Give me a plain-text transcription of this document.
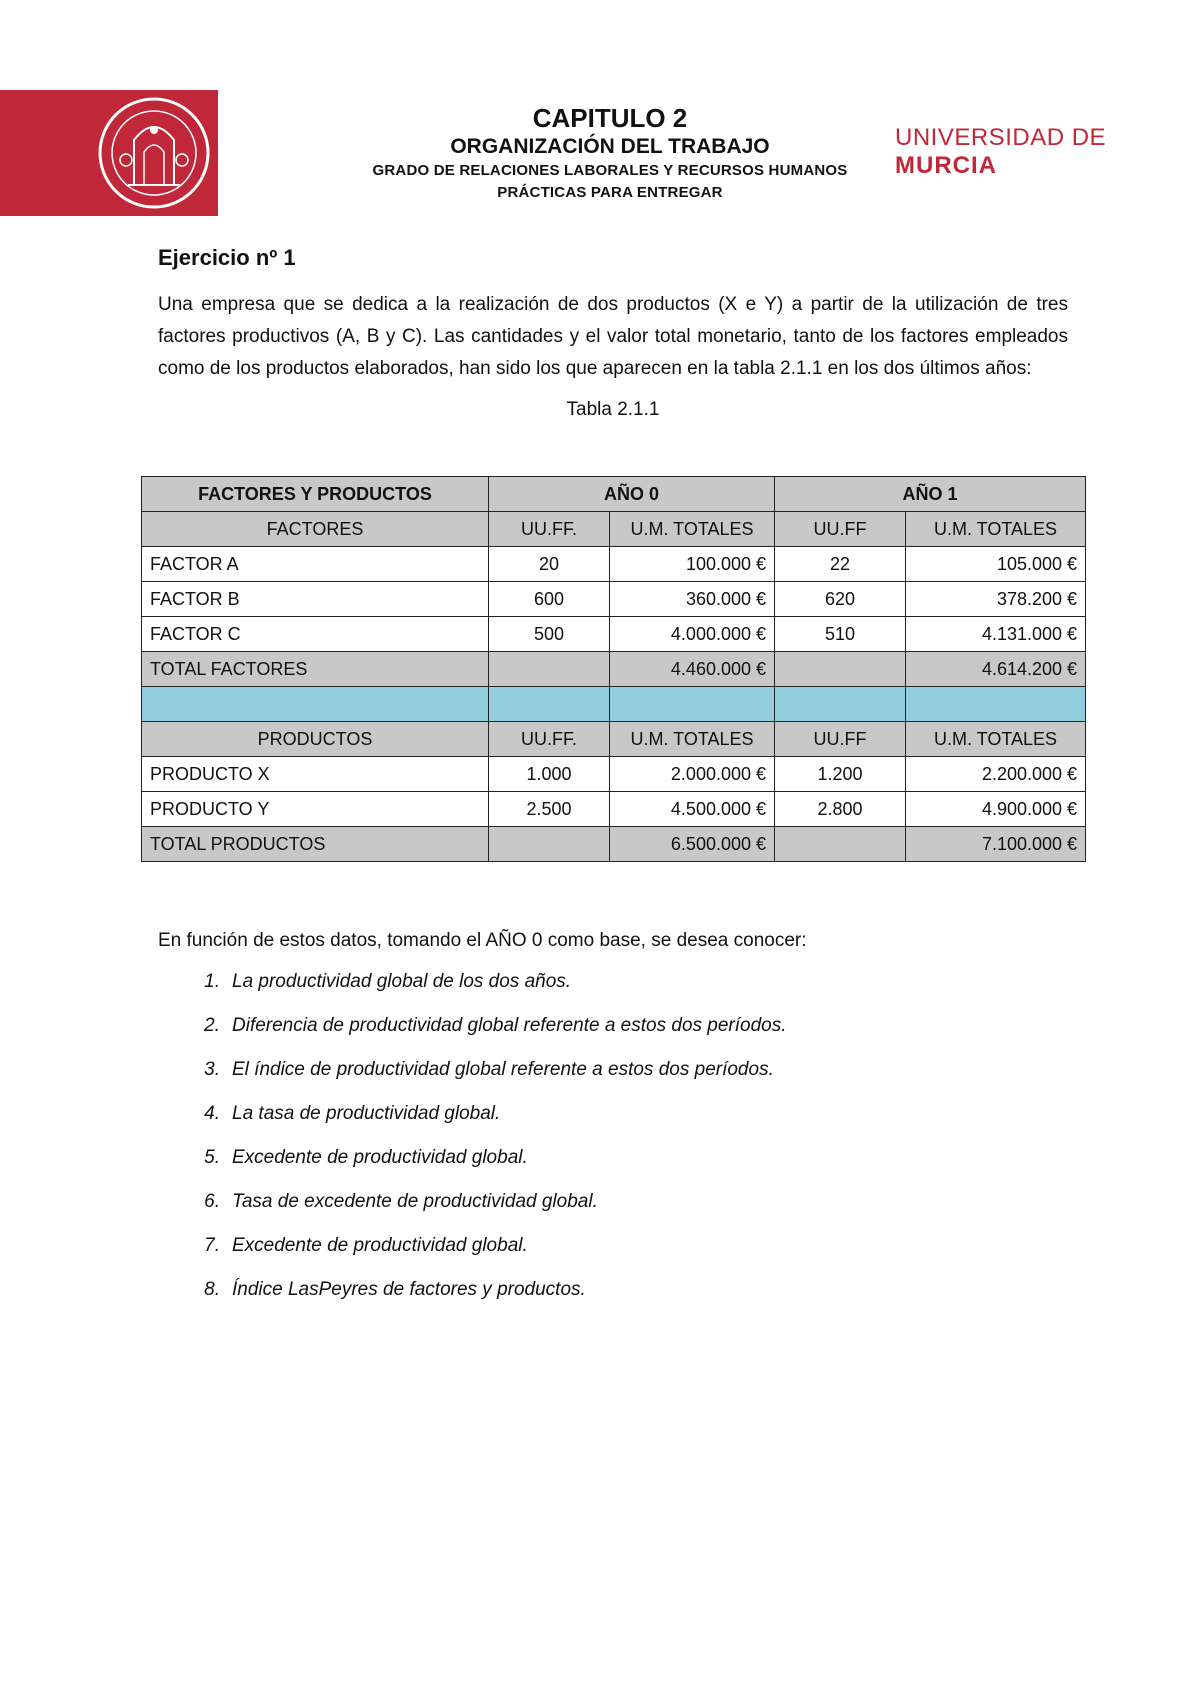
CAPITULO 2
ORGANIZACIÓN DEL TRABAJO
GRADO DE RELACIONES LABORALES Y RECURSOS HUMANOS
PRÁCTICAS PARA ENTREGAR
UNIVERSIDAD DE
MURCIA
Ejercicio nº 1

Una empresa que se dedica a la realización de dos productos (X e Y) a partir de la utilización de tres factores productivos (A, B y C). Las cantidades y el valor total monetario, tanto de los factores empleados como de los productos elaborados, han sido los que aparecen en la tabla 2.1.1 en los dos últimos años:

Tabla 2.1.1
FACTORES Y PRODUCTOS	AÑO 0		AÑO 1	
FACTORES	UU.FF.	U.M. TOTALES	UU.FF	U.M. TOTALES
FACTOR A	20	100.000 €	22	105.000 €
FACTOR B	600	360.000 €	620	378.200 €
FACTOR C	500	4.000.000 €	510	4.131.000 €
TOTAL FACTORES		4.460.000 €		4.614.200 €

PRODUCTOS	UU.FF.	U.M. TOTALES	UU.FF	U.M. TOTALES
PRODUCTO X	1.000	2.000.000 €	1.200	2.200.000 €
PRODUCTO Y	2.500	4.500.000 €	2.800	4.900.000 €
TOTAL PRODUCTOS		6.500.000 €		7.100.000 €

En función de estos datos, tomando el AÑO 0 como base, se desea conocer:

1. La productividad global de los dos años.
2. Diferencia de productividad global referente a estos dos períodos.
3. El índice de productividad global referente a estos dos períodos.
4. La tasa de productividad global.
5. Excedente de productividad global.
6. Tasa de excedente de productividad global.
7. Excedente de productividad global.
8. Índice LasPeyres de factores y productos.
